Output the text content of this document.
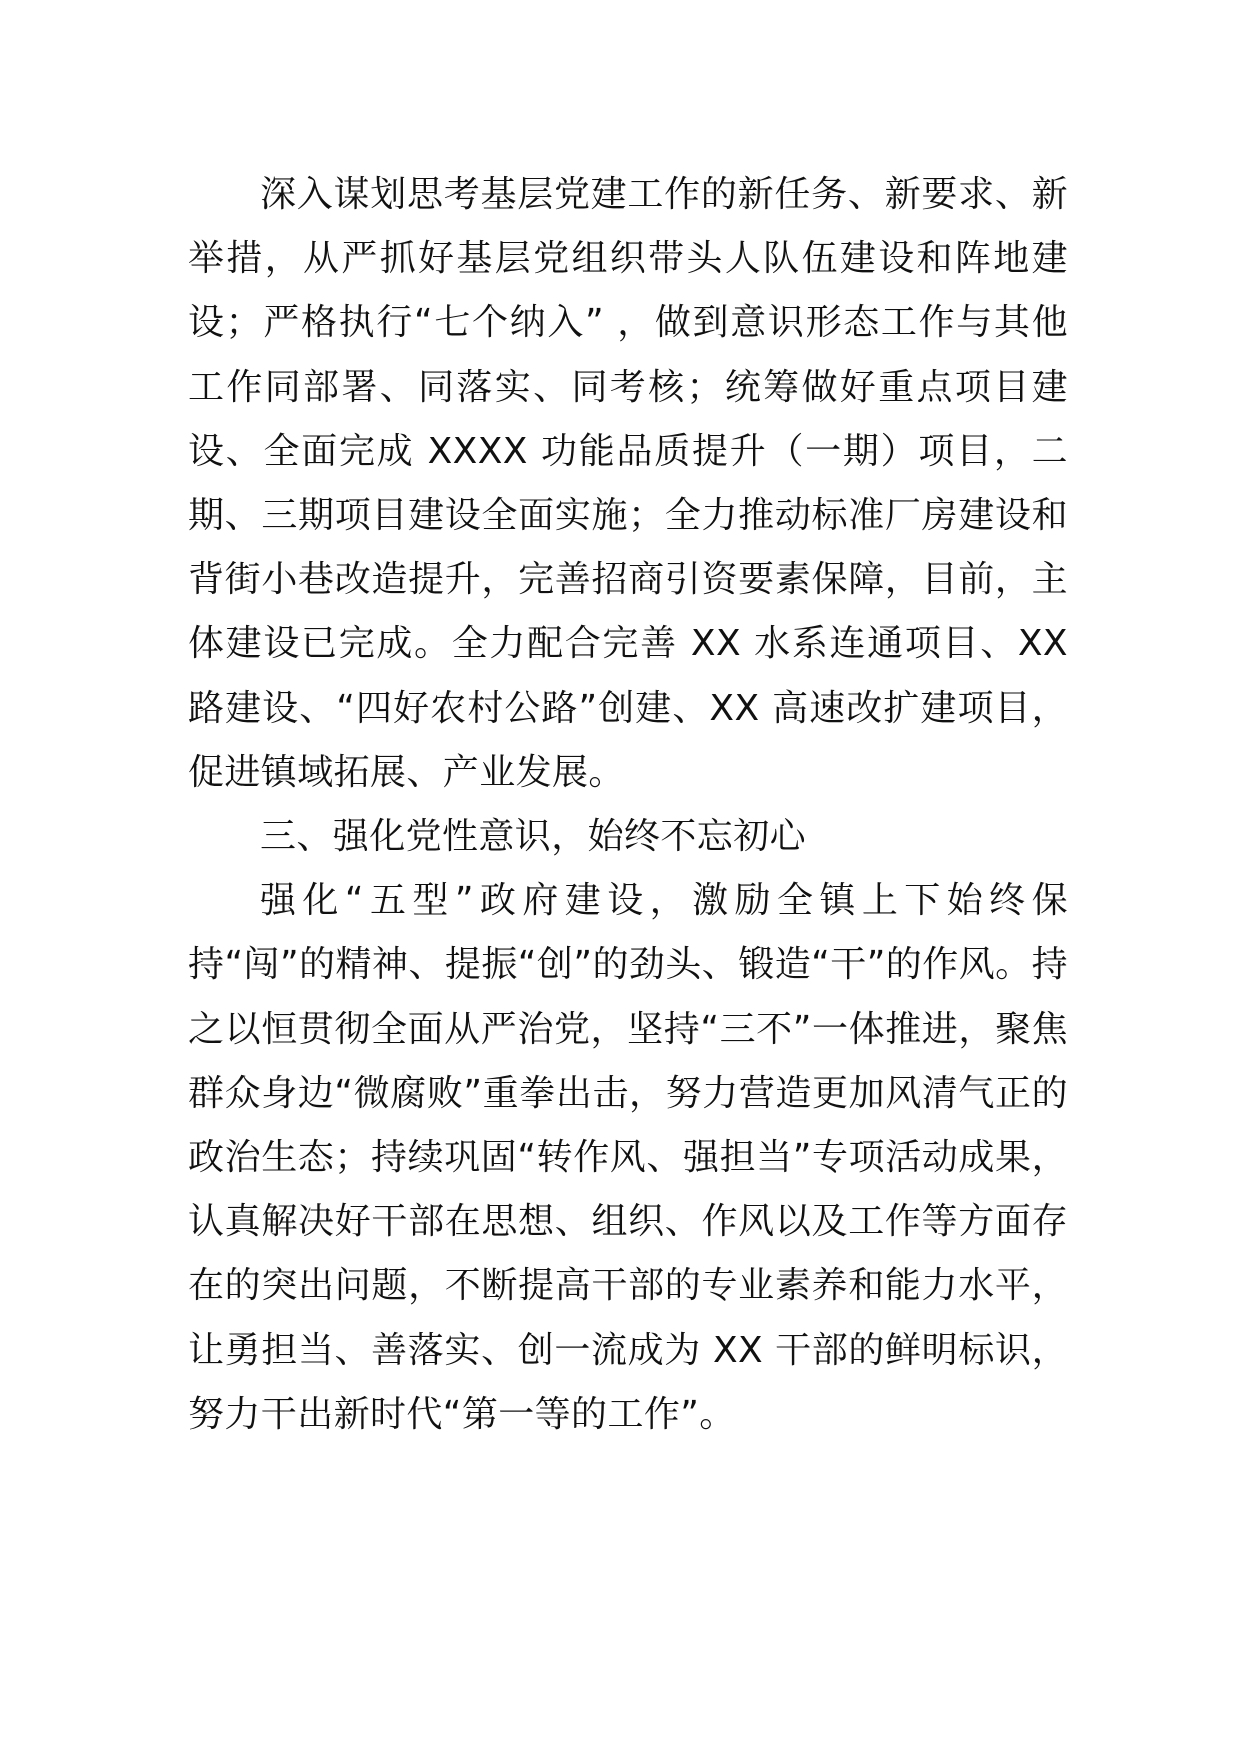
深入谋划思考基层党建工作的新任务、新要求、新举措，从严抓好基层党组织带头人队伍建设和阵地建设；严格执行“七个纳入” ，做到意识形态工作与其他工作同部署、同落实、同考核；统筹做好重点项目建设、全面完成 XXXX 功能品质提升（一期）项目，二期、三期项目建设全面实施；全力推动标准厂房建设和背街小巷改造提升，完善招商引资要素保障，目前，主体建设已完成。全力配合完善 XX 水系连通项目、XX 路建设、“四好农村公路”创建、XX 高速改扩建项目，促进镇域拓展、产业发展。

三、强化党性意识，始终不忘初心

强化“五型”政府建设，激励全镇上下始终保持“闯”的精神、提振“创”的劲头、锻造“干”的作风。持之以恒贯彻全面从严治党，坚持“三不”一体推进，聚焦群众身边“微腐败”重拳出击，努力营造更加风清气正的政治生态；持续巩固“转作风、强担当”专项活动成果，认真解决好干部在思想、组织、作风以及工作等方面存在的突出问题，不断提高干部的专业素养和能力水平，让勇担当、善落实、创一流成为 XX 干部的鲜明标识，努力干出新时代“第一等的工作”。
